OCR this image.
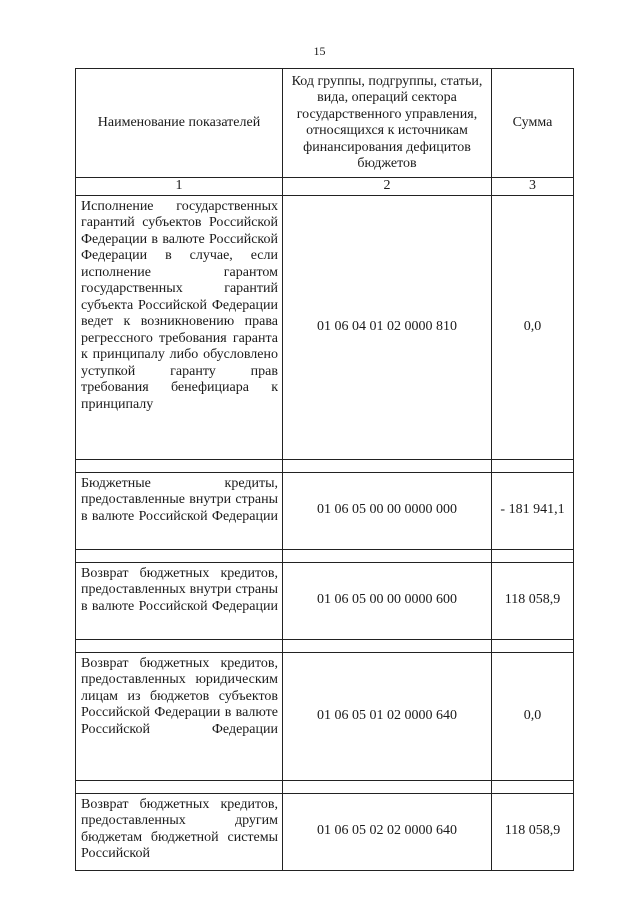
15
Наименование показателей	Код группы, подгруппы, статьи, вида, операций сектора государственного управления, относящихся к источникам финансирования дефицитов бюджетов	Сумма
1	2	3
Исполнение государственных гарантий субъектов Российской Федерации в валюте Российской Федерации в случае, если исполнение гарантом государственных гарантий субъекта Российской Федерации ведет к возникновению права регрессного требования гаранта к принципалу либо обусловлено уступкой гаранту прав требования бенефициара к принципалу	01 06 04 01 02 0000 810	0,0

Бюджетные кредиты, предоставленные внутри страны в валюте Российской Федерации	01 06 05 00 00 0000 000	- 181 941,1

Возврат бюджетных кредитов, предоставленных внутри страны в валюте Российской Федерации	01 06 05 00 00 0000 600	118 058,9

Возврат бюджетных кредитов, предоставленных юридическим лицам из бюджетов субъектов Российской Федерации в валюте Российской Федерации	01 06 05 01 02 0000 640	0,0

Возврат бюджетных кредитов, предоставленных другим бюджетам бюджетной системы Российской	01 06 05 02 02 0000 640	118 058,9
